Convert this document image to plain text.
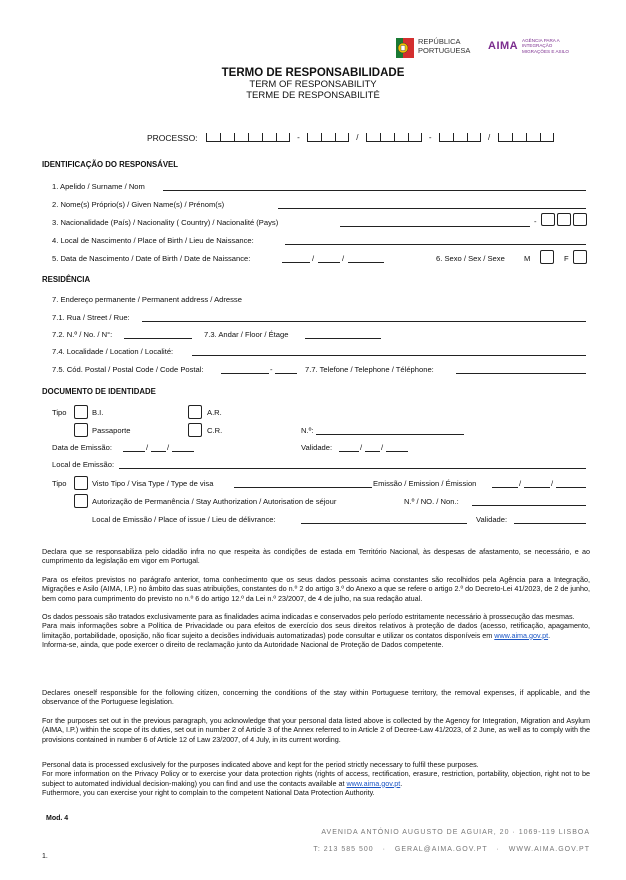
REPÚBLICA
PORTUGUESA AIMA AGÊNCIA PARA A
INTEGRAÇÃO
MIGRAÇÕES E ASILO
TERMO DE RESPONSABILIDADE
TERM OF RESPONSABILITY
TERME DE RESPONSABILITÉ
PROCESSO:	-	/	-	/
IDENTIFICAÇÃO DO RESPONSÁVEL
1. Apelido / Surname / Nom
2. Nome(s) Próprio(s) / Given Name(s) / Prénom(s)
3. Nacionalidade (País) / Nacionality ( Country) / Nacionalité (Pays)	-
4. Local de Nascimento / Place of Birth / Lieu de Naissance:
5. Data de Nascimento / Date of Birth / Date de Naissance:	/	/	6. Sexo / Sex / Sexe	M	F
RESIDÊNCIA
7. Endereço permanente / Permanent address / Adresse
7.1. Rua / Street / Rue:
7.2. N.º / No. / N°:	7.3. Andar / Floor / Étage
7.4. Localidade / Location / Localité:
7.5. Cód. Postal / Postal Code / Code Postal:	-	7.7. Telefone / Telephone / Téléphone:
DOCUMENTO DE IDENTIDADE
Tipo	B.I.	A.R.
Passaporte	C.R.	N.º:
Data de Emissão:	/ /	Validade:	/ /
Local de Emissão:
Tipo	Visto Tipo / Visa Type / Type de visa	Emissão / Emission / Émission	/	/
Autorização de Permanência / Stay Authorization / Autorisation de séjour	N.º / NO. / Non.:
Local de Emissão / Place of issue / Lieu de délivrance:	Validade:
Declara que se responsabiliza pelo cidadão infra no que respeita às condições de estada em Território Nacional, às despesas de afastamento, se necessário, e ao cumprimento da legislação em vigor em Portugal.
Para os efeitos previstos no parágrafo anterior, toma conhecimento que os seus dados pessoais acima constantes são recolhidos pela Agência para a Integração, Migrações e Asilo (AIMA, I.P.) no âmbito das suas atribuições, constantes do n.º 2 do artigo 3.º do Anexo a que se refere o artigo 2.º do Decreto-Lei 41/2023, de 2 de junho, bem como para cumprimento do previsto no n.º 6 do artigo 12.º da Lei n.º 23/2007, de 4 de julho, na sua redação atual.
Os dados pessoais são tratados exclusivamente para as finalidades acima indicadas e conservados pelo período estritamente necessário à prossecução das mesmas.
Para mais informações sobre a Política de Privacidade ou para efeitos de exercício dos seus direitos relativos à proteção de dados (acesso, retificação, apagamento, limitação, portabilidade, oposição, não ficar sujeito a decisões individuais automatizadas) pode consultar e utilizar os contatos disponíveis em www.aima.gov.pt.
Informa-se, ainda, que pode exercer o direito de reclamação junto da Autoridade Nacional de Proteção de Dados competente.
Declares oneself responsible for the following citizen, concerning the conditions of the stay within Portuguese territory, the removal expenses, if applicable, and the observance of the Portuguese legislation.
For the purposes set out in the previous paragraph, you acknowledge that your personal data listed above is collected by the Agency for Integration, Migration and Asylum (AIMA, I.P.) within the scope of its duties, set out in number 2 of Article 3 of the Annex referred to in Article 2 of Decree-Law 41/2023, of 2 June, as well as to comply with the provisions contained in number 6 of Article 12 of Law 23/2007, of 4 July, in its current wording.
Personal data is processed exclusively for the purposes indicated above and kept for the period strictly necessary to fulfil these purposes.
For more information on the Privacy Policy or to exercise your data protection rights (rights of access, rectification, erasure, restriction, portability, objection, right not to be subject to automated individual decision-making) you can find and use the contacts available at www.aima.gov.pt.
Futhermore, you can exercise your right to complain to the competent National Data Protection Authority.
Mod. 4
AVENIDA ANTÓNIO AUGUSTO DE AGUIAR, 20 · 1069-119 LISBOA
T: 213 585 500 · GERAL@AIMA.GOV.PT · WWW.AIMA.GOV.PT
1.
